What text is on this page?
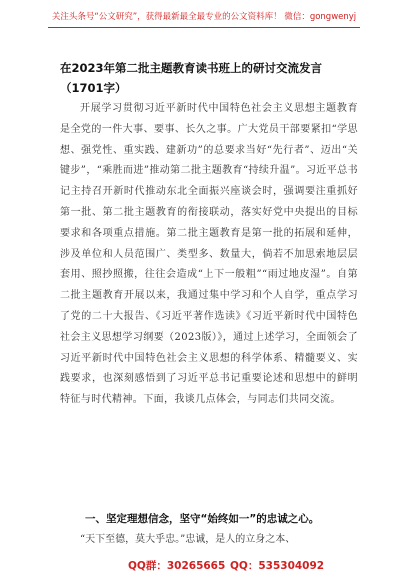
关注头条号“公文研究”，获得最新最全最专业的公文资料库！ 微信：gongwenyj
在2023年第二批主题教育读书班上的研讨交流发言（1701字）
开展学习贯彻习近平新时代中国特色社会主义思想主题教育是全党的一件大事、要事、长久之事。广大党员干部要紧扣“学思想、强党性、重实践、建新功”的总要求当好“先行者”、迈出“关键步”，“乘胜而进”推动第二批主题教育“持续升温”。习近平总书记主持召开新时代推动东北全面振兴座谈会时，强调要注重抓好第一批、第二批主题教育的衔接联动，落实好党中央提出的目标要求和各项重点措施。第二批主题教育是第一批的拓展和延伸，涉及单位和人员范围广、类型多、数量大，倘若不加思索地层层套用、照抄照搬，往往会造成“上下一般粗”“雨过地皮湿”。自第二批主题教育开展以来，我通过集中学习和个人自学，重点学习了党的二十大报告、《习近平著作选读》《习近平新时代中国特色社会主义思想学习纲要（2023版）》，通过上述学习，全面领会了习近平新时代中国特色社会主义思想的科学体系、精髓要义、实践要求，也深刻感悟到了习近平总书记重要论述和思想中的鲜明特征与时代精神。下面，我谈几点体会，与同志们共同交流。
一、坚定理想信念，坚守“始终如一”的忠诚之心。
“天下至德，莫大乎忠。”忠诚，是人的立身之本、
QQ群：30265665 QQ：535304092
